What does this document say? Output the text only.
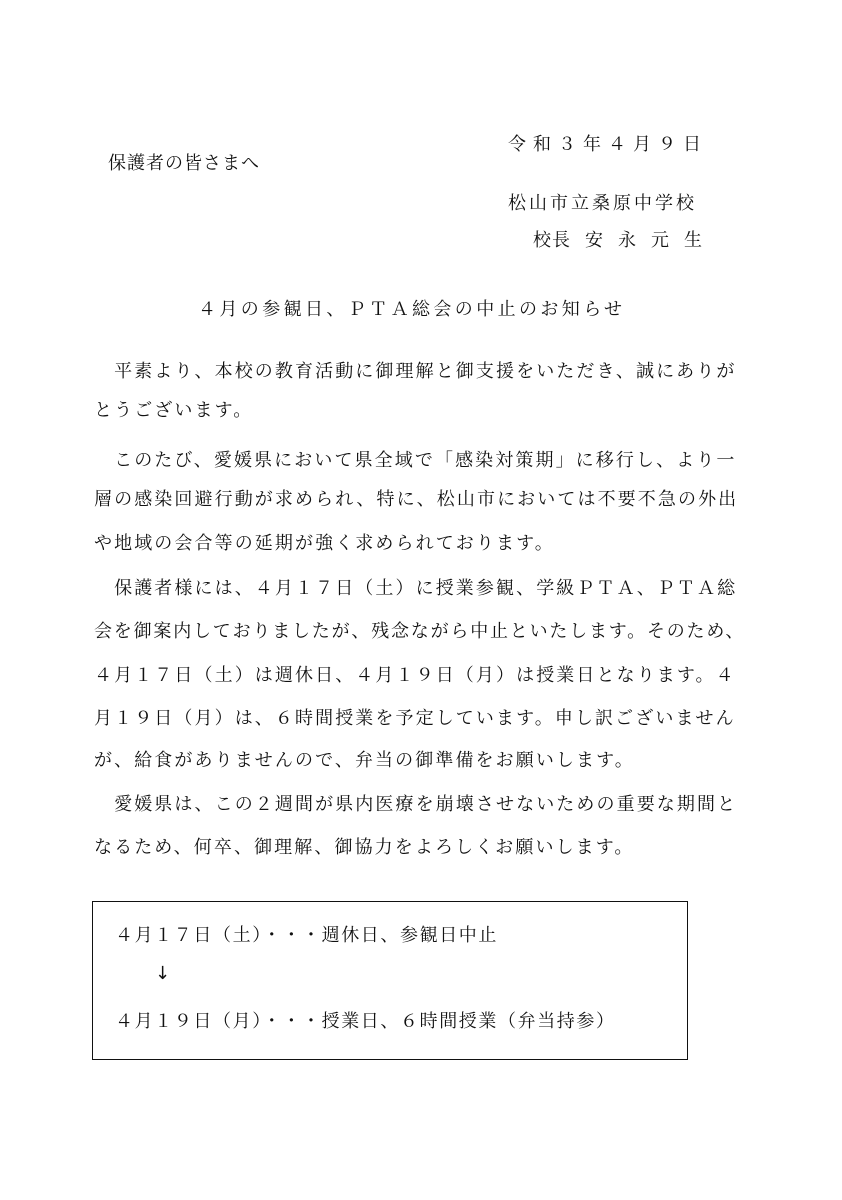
令和３年４月９日

保護者の皆さまへ

松山市立桑原中学校

校長 安永元生

４月の参観日、ＰＴＡ総会の中止のお知らせ

　平素より、本校の教育活動に御理解と御支援をいただき、誠にありが

とうございます。

　このたび、愛媛県において県全域で「感染対策期」に移行し、より一

層の感染回避行動が求められ、特に、松山市においては不要不急の外出

や地域の会合等の延期が強く求められております。

　保護者様には、４月１７日（土）に授業参観、学級ＰＴＡ、ＰＴＡ総

会を御案内しておりましたが、残念ながら中止といたします。そのため、

４月１７日（土）は週休日、４月１９日（月）は授業日となります。４

月１９日（月）は、６時間授業を予定しています。申し訳ございません

が、給食がありませんので、弁当の御準備をお願いします。

　愛媛県は、この２週間が県内医療を崩壊させないための重要な期間と

なるため、何卒、御理解、御協力をよろしくお願いします。

４月１７日（土）・・・週休日、参観日中止

↓

４月１９日（月）・・・授業日、６時間授業（弁当持参）
